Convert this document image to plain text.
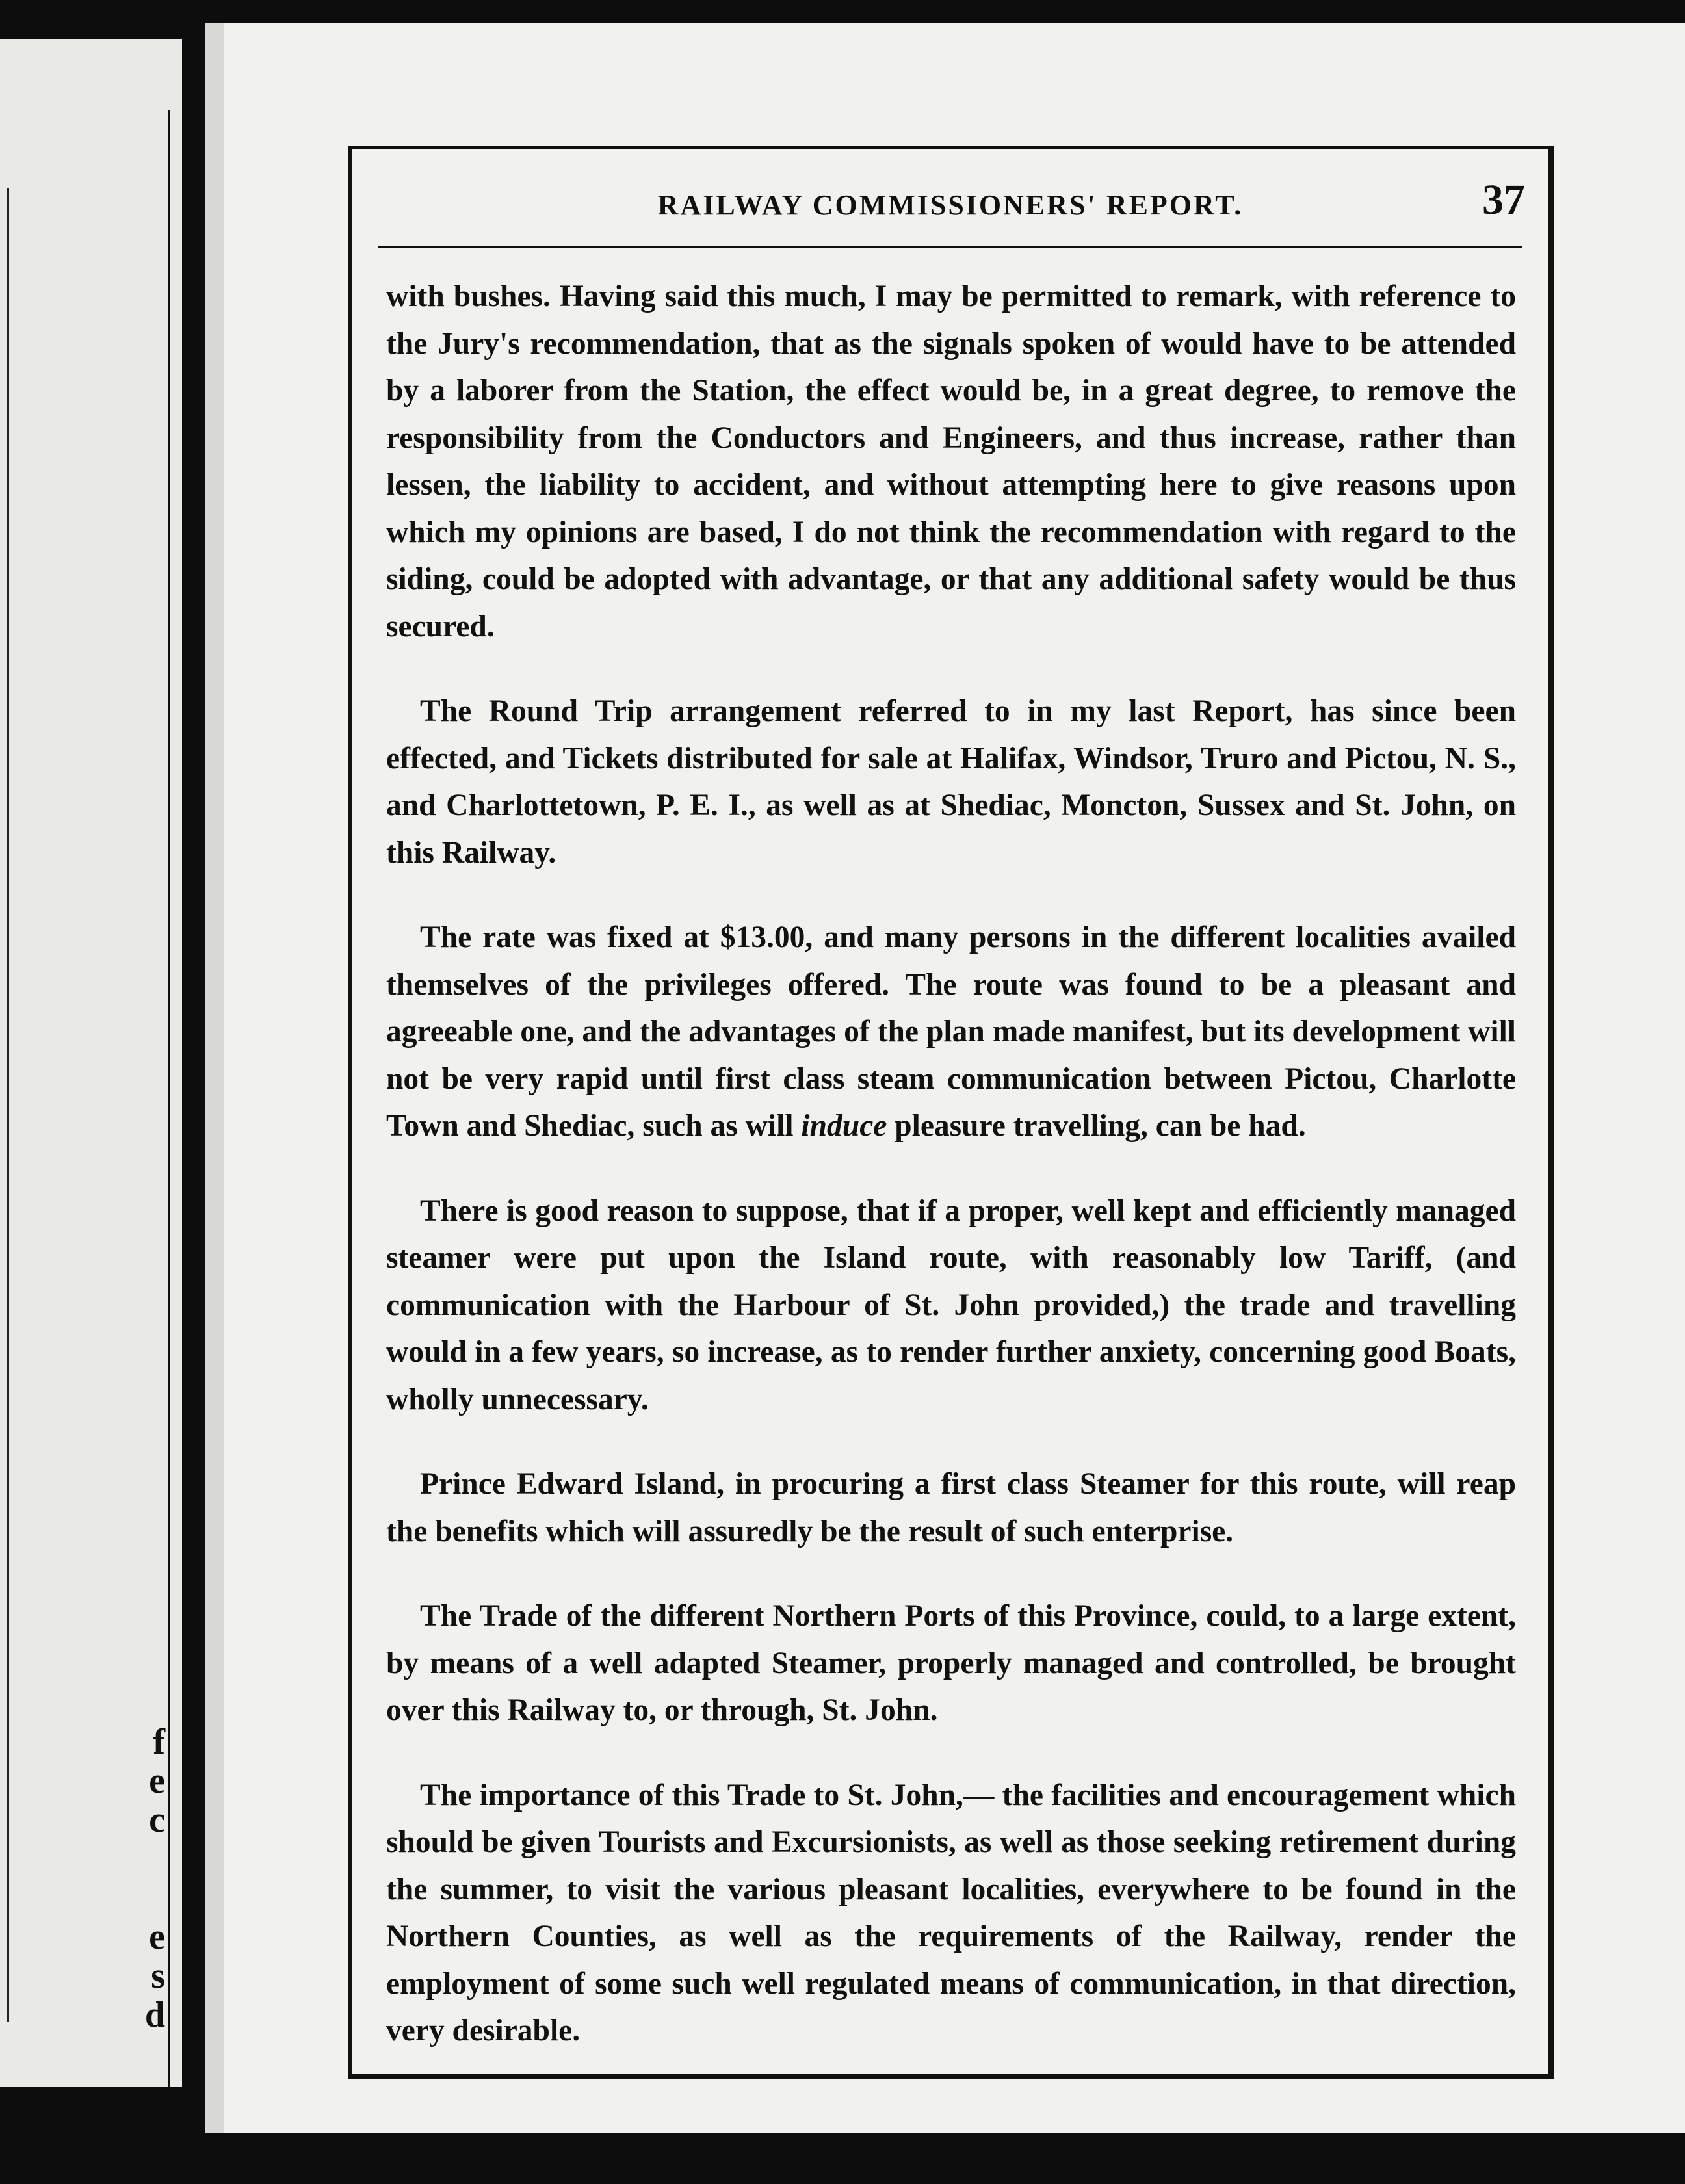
f
e
c
e
s
d
RAILWAY COMMISSIONERS' REPORT.	37

with bushes. Having said this much, I may be permitted to remark, with reference to the Jury's recommendation, that as the signals spoken of would have to be attended by a laborer from the Station, the effect would be, in a great degree, to remove the responsibility from the Conductors and Engineers, and thus increase, rather than lessen, the liability to accident, and without attempting here to give reasons upon which my opinions are based, I do not think the recommendation with regard to the siding, could be adopted with advantage, or that any additional safety would be thus secured.

The Round Trip arrangement referred to in my last Report, has since been effected, and Tickets distributed for sale at Halifax, Windsor, Truro and Pictou, N. S., and Charlottetown, P. E. I., as well as at Shediac, Moncton, Sussex and St. John, on this Railway.

The rate was fixed at $13.00, and many persons in the different localities availed themselves of the privileges offered. The route was found to be a pleasant and agreeable one, and the advantages of the plan made manifest, but its development will not be very rapid until first class steam communication between Pictou, Charlotte Town and Shediac, such as will induce pleasure travelling, can be had.

There is good reason to suppose, that if a proper, well kept and efficiently managed steamer were put upon the Island route, with reasonably low Tariff, (and communication with the Harbour of St. John provided,) the trade and travelling would in a few years, so increase, as to render further anxiety, concerning good Boats, wholly unnecessary.

Prince Edward Island, in procuring a first class Steamer for this route, will reap the benefits which will assuredly be the result of such enterprise.

The Trade of the different Northern Ports of this Province, could, to a large extent, by means of a well adapted Steamer, properly managed and controlled, be brought over this Railway to, or through, St. John.

The importance of this Trade to St. John,— the facilities and encouragement which should be given Tourists and Excursionists, as well as those seeking retirement during the summer, to visit the various pleasant localities, everywhere to be found in the Northern Counties, as well as the requirements of the Railway, render the employment of some such well regulated means of communication, in that direction, very desirable.
